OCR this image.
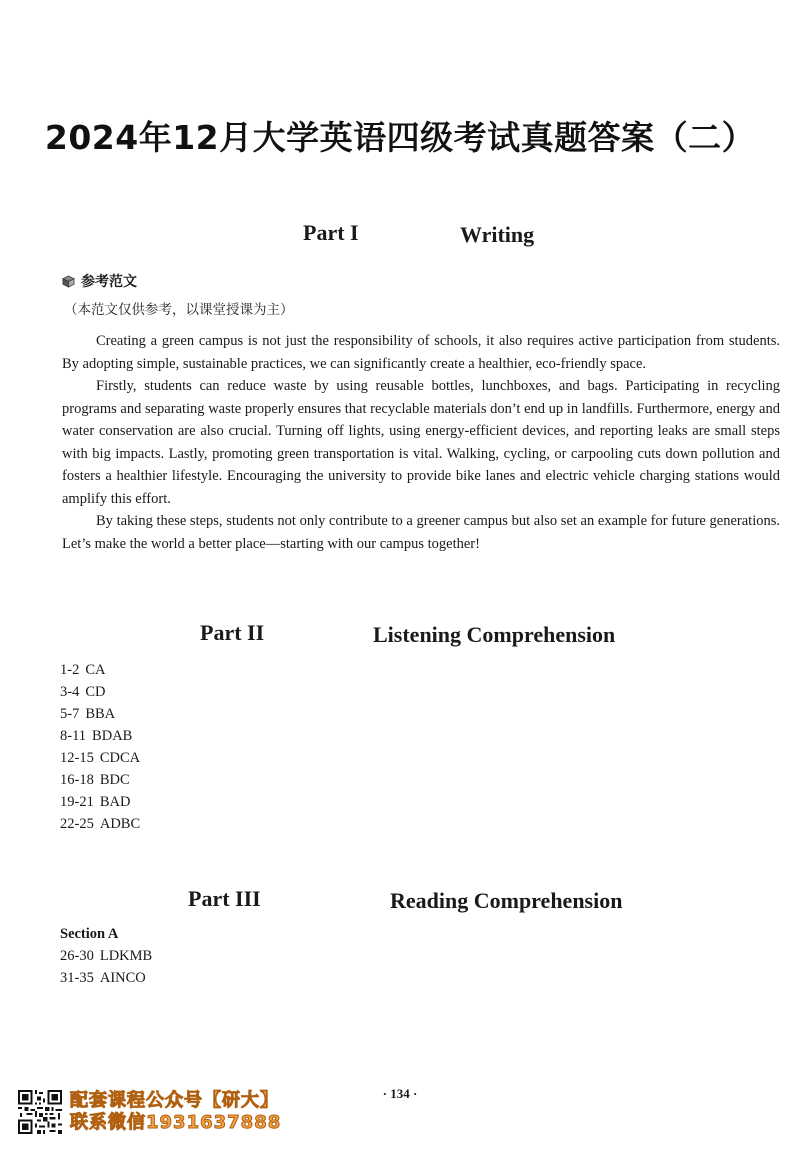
2024年12月大学英语四级考试真题答案（二）
Part I	Writing
参考范文
（本范文仅供参考，以课堂授课为主）

Creating a green campus is not just the responsibility of schools, it also requires active participation from students. By adopting simple, sustainable practices, we can significantly create a healthier, eco-friendly space.

Firstly, students can reduce waste by using reusable bottles, lunchboxes, and bags. Participating in recycling programs and separating waste properly ensures that recyclable materials don’t end up in landfills. Furthermore, energy and water conservation are also crucial. Turning off lights, using energy-efficient devices, and reporting leaks are small steps with big impacts. Lastly, promoting green transportation is vital. Walking, cycling, or carpooling cuts down pollution and fosters a healthier lifestyle. Encouraging the university to provide bike lanes and electric vehicle charging stations would amplify this effort.

By taking these steps, students not only contribute to a greener campus but also set an example for future generations. Let’s make the world a better place—starting with our campus together!

Part II	Listening Comprehension
1-2 CA
3-4 CD
5-7 BBA
8-11 BDAB
12-15 CDCA
16-18 BDC
19-21 BAD
22-25 ADBC
Part III	Reading Comprehension
Section A
26-30 LDKMB
31-35 AINCO
· 134 ·
配套课程公众号【研大】
联系微信1931637888
